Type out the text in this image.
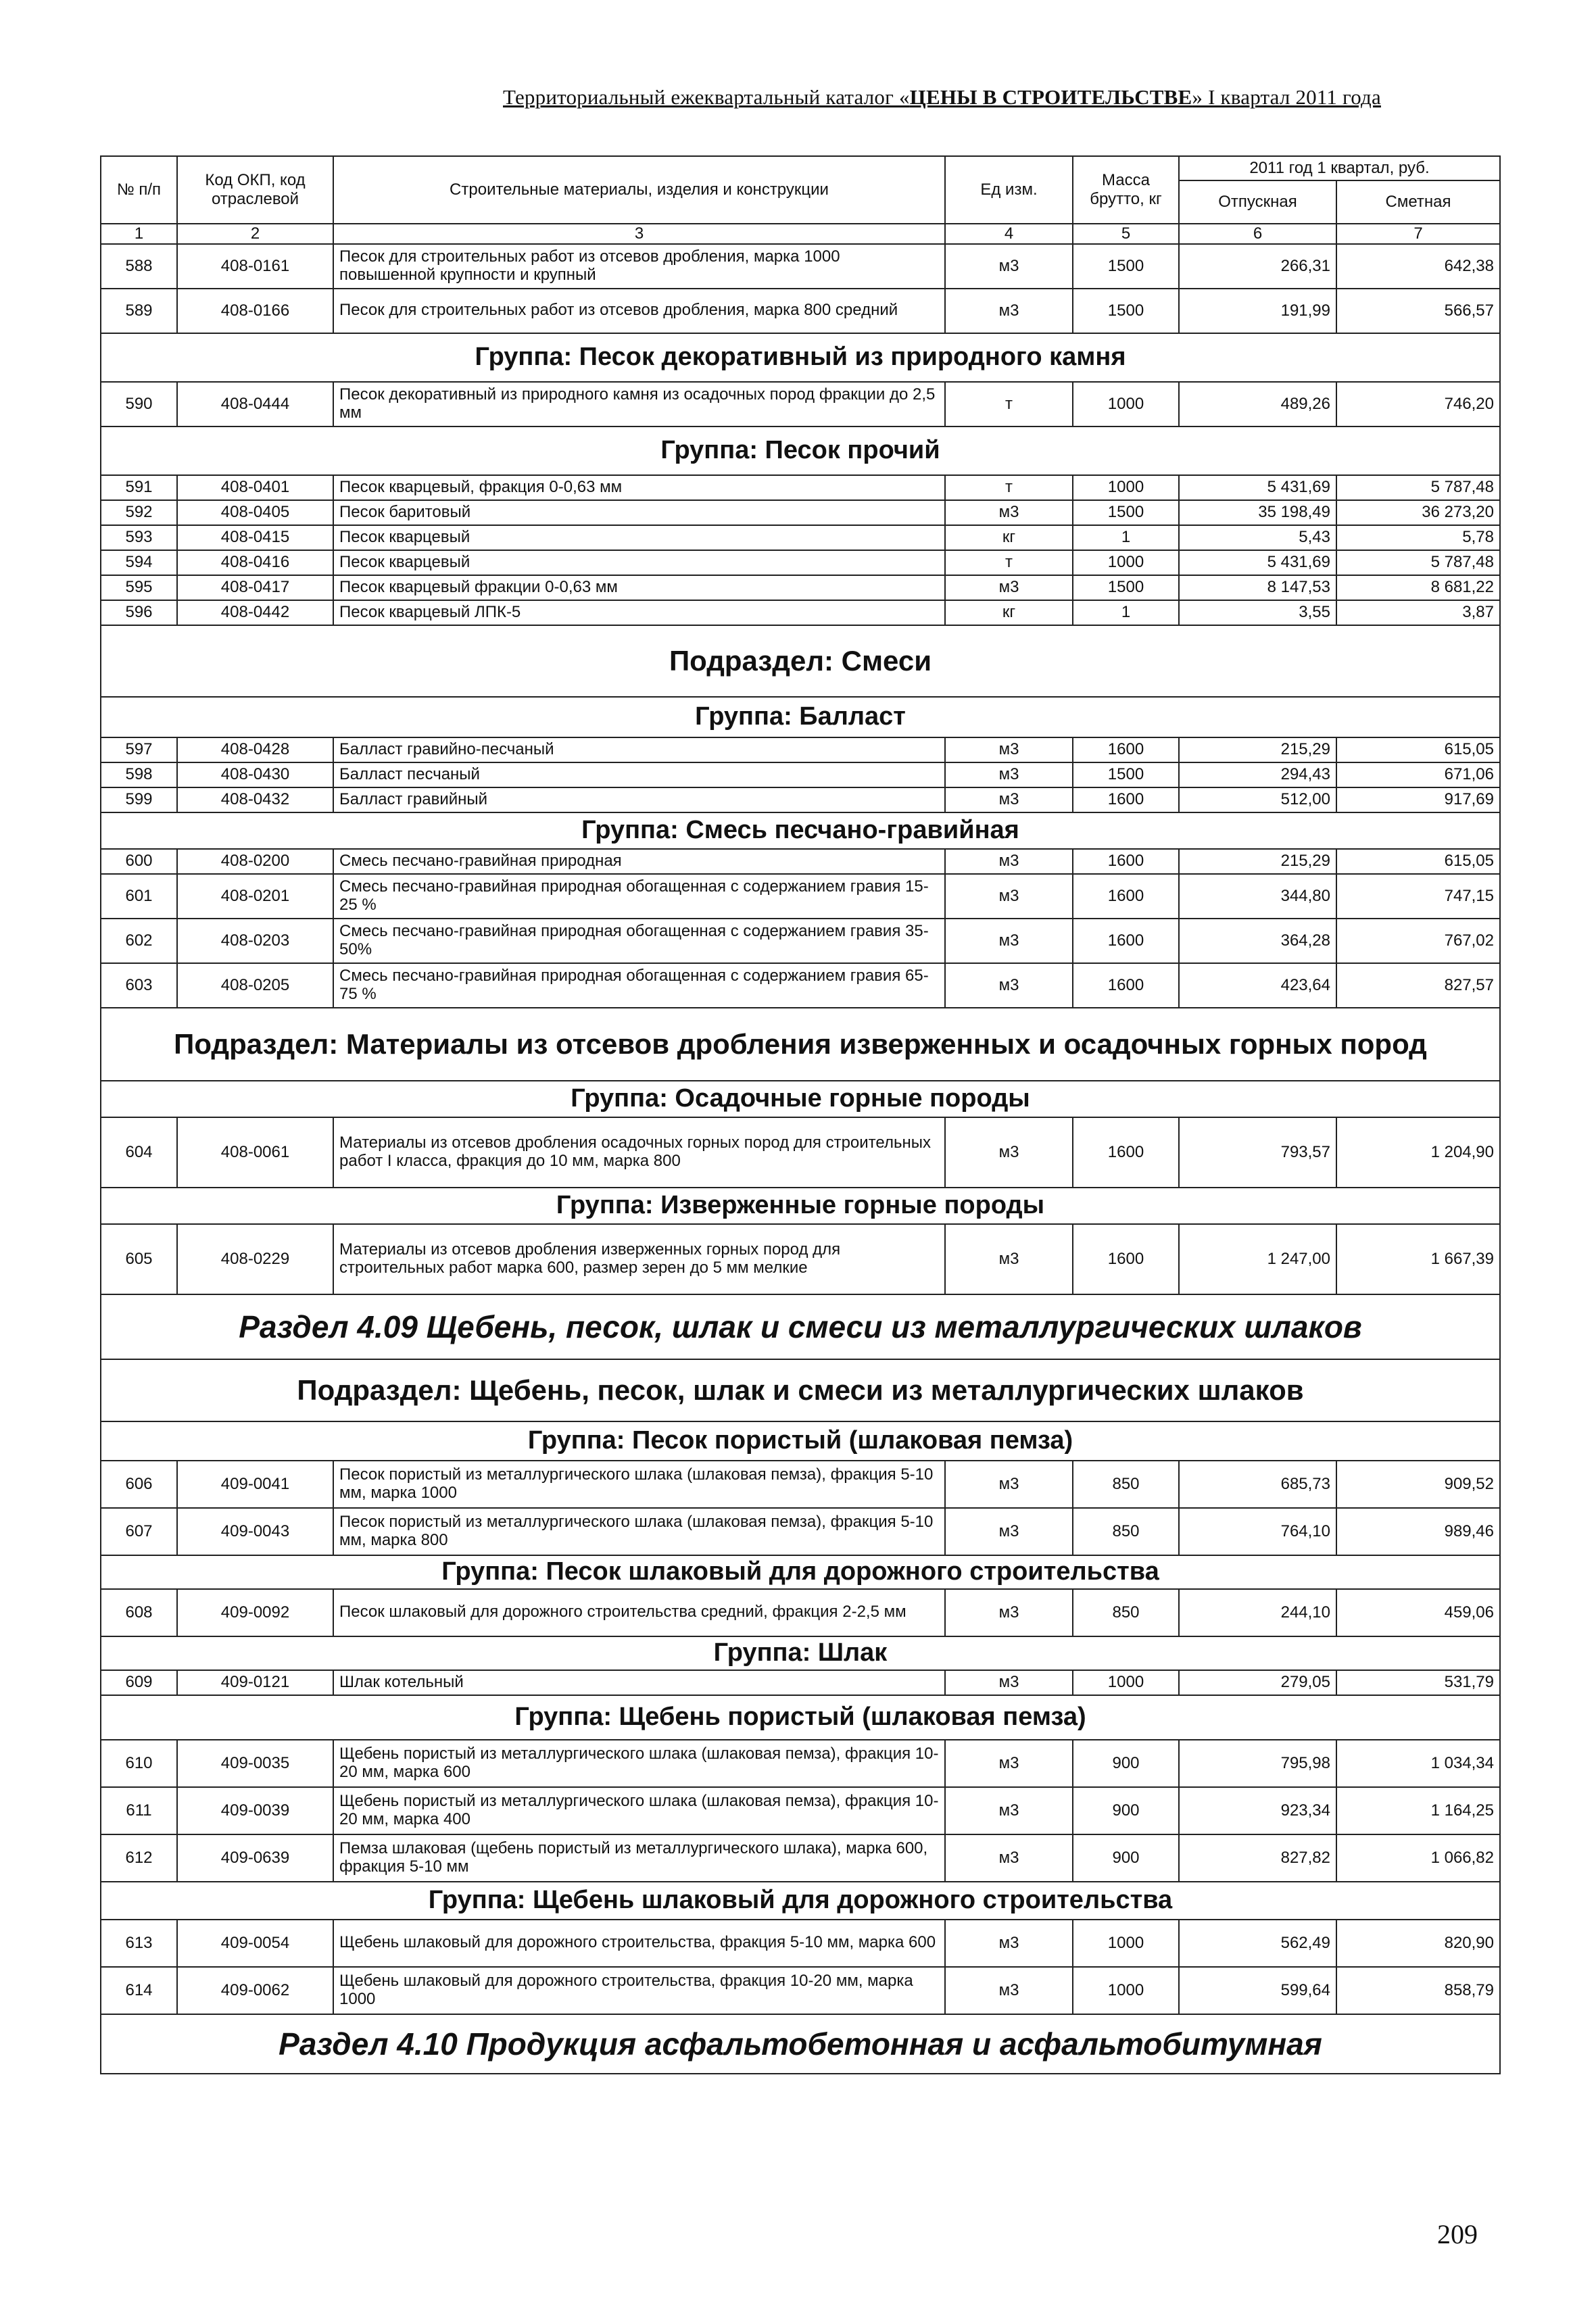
Территориальный ежеквартальный каталог «ЦЕНЫ В СТРОИТЕЛЬСТВЕ» I квартал 2011 года
№ п/п	Код ОКП, код отраслевой	Строительные материалы, изделия и конструкции	Ед изм.	Масса брутто, кг	2011 год 1 квартал, руб.	
					Отпускная	Сметная
1	2	3	4	5	6	7
588	408-0161	Песок для строительных работ из отсевов дробления, марка 1000 повышенной крупности и крупный	м3	1500	266,31	642,38
589	408-0166	Песок для строительных работ из отсевов дробления, марка 800 средний	м3	1500	191,99	566,57
Группа: Песок декоративный из природного камня						
590	408-0444	Песок декоративный из природного камня из осадочных пород фракции до 2,5 мм	т	1000	489,26	746,20
Группа: Песок прочий						
591	408-0401	Песок кварцевый, фракция 0-0,63 мм	т	1000	5 431,69	5 787,48
592	408-0405	Песок баритовый	м3	1500	35 198,49	36 273,20
593	408-0415	Песок кварцевый	кг	1	5,43	5,78
594	408-0416	Песок кварцевый	т	1000	5 431,69	5 787,48
595	408-0417	Песок кварцевый фракции 0-0,63 мм	м3	1500	8 147,53	8 681,22
596	408-0442	Песок кварцевый ЛПК-5	кг	1	3,55	3,87
Подраздел: Смеси						
Группа: Балласт						
597	408-0428	Балласт гравийно-песчаный	м3	1600	215,29	615,05
598	408-0430	Балласт песчаный	м3	1500	294,43	671,06
599	408-0432	Балласт гравийный	м3	1600	512,00	917,69
Группа: Смесь песчано-гравийная						
600	408-0200	Смесь песчано-гравийная природная	м3	1600	215,29	615,05
601	408-0201	Смесь песчано-гравийная природная обогащенная с содержанием гравия 15-25 %	м3	1600	344,80	747,15
602	408-0203	Смесь песчано-гравийная природная обогащенная с содержанием гравия 35-50%	м3	1600	364,28	767,02
603	408-0205	Смесь песчано-гравийная природная обогащенная с содержанием гравия 65-75 %	м3	1600	423,64	827,57
Подраздел: Материалы из отсевов дробления изверженных и осадочных горных пород						
Группа: Осадочные горные породы						
604	408-0061	Материалы из отсевов дробления осадочных горных пород для строительных работ I класса, фракция до 10 мм, марка 800	м3	1600	793,57	1 204,90
Группа: Изверженные горные породы						
605	408-0229	Материалы из отсевов дробления изверженных горных пород для строительных работ марка 600, размер зерен до 5 мм мелкие	м3	1600	1 247,00	1 667,39
Раздел 4.09 Щебень, песок, шлак и смеси из металлургических шлаков						
Подраздел: Щебень, песок, шлак и смеси из металлургических шлаков						
Группа: Песок пористый (шлаковая пемза)						
606	409-0041	Песок пористый из металлургического шлака (шлаковая пемза), фракция 5-10 мм, марка 1000	м3	850	685,73	909,52
607	409-0043	Песок пористый из металлургического шлака (шлаковая пемза), фракция 5-10 мм, марка 800	м3	850	764,10	989,46
Группа: Песок шлаковый для дорожного строительства						
608	409-0092	Песок шлаковый для дорожного строительства средний, фракция 2-2,5 мм	м3	850	244,10	459,06
Группа: Шлак						
609	409-0121	Шлак котельный	м3	1000	279,05	531,79
Группа: Щебень пористый (шлаковая пемза)						
610	409-0035	Щебень пористый из металлургического шлака (шлаковая пемза), фракция 10-20 мм, марка 600	м3	900	795,98	1 034,34
611	409-0039	Щебень пористый из металлургического шлака (шлаковая пемза), фракция 10-20 мм, марка 400	м3	900	923,34	1 164,25
612	409-0639	Пемза шлаковая (щебень пористый из металлургического шлака), марка 600, фракция 5-10 мм	м3	900	827,82	1 066,82
Группа: Щебень шлаковый для дорожного строительства						
613	409-0054	Щебень шлаковый для дорожного строительства, фракция 5-10 мм, марка 600	м3	1000	562,49	820,90
614	409-0062	Щебень шлаковый для дорожного строительства, фракция 10-20 мм, марка 1000	м3	1000	599,64	858,79
Раздел 4.10 Продукция асфальтобетонная и асфальтобитумная						
209
